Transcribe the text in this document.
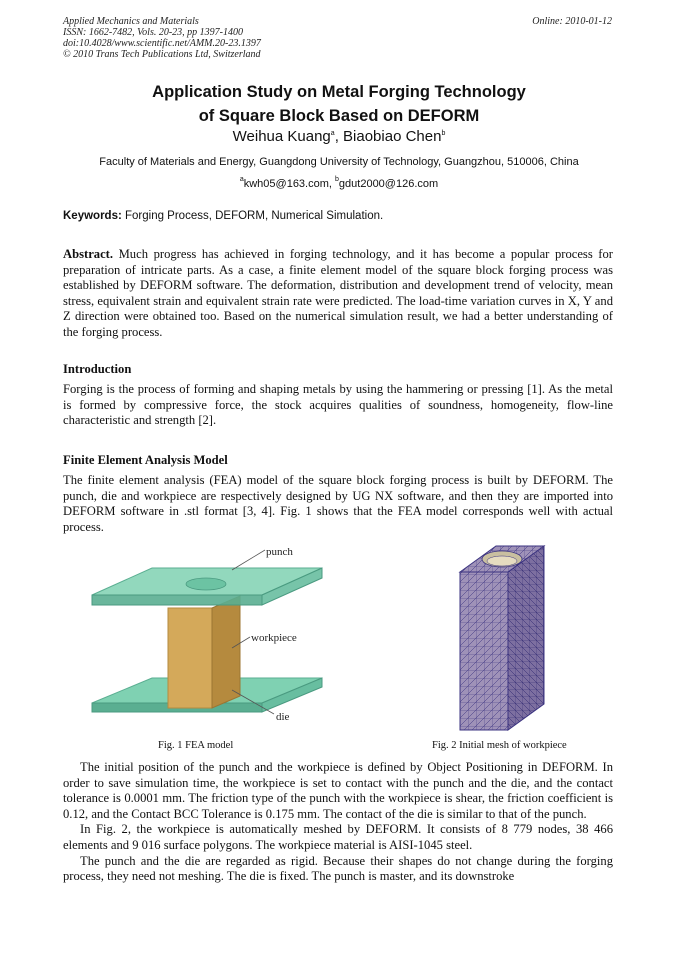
Applied Mechanics and Materials
ISSN: 1662-7482, Vols. 20-23, pp 1397-1400
doi:10.4028/www.scientific.net/AMM.20-23.1397
© 2010 Trans Tech Publications Ltd, Switzerland
Online: 2010-01-12
Application Study on Metal Forging Technology
of Square Block Based on DEFORM
Weihua Kuang$^a$, Biaobiao Chen$^b$
Faculty of Materials and Energy, Guangdong University of Technology, Guangzhou, 510006, China
$^a$kwh05@163.com, $^b$gdut2000@126.com
Keywords: Forging Process, DEFORM, Numerical Simulation.
Abstract. Much progress has achieved in forging technology, and it has become a popular process for preparation of intricate parts. As a case, a finite element model of the square block forging process was established by DEFORM software. The deformation, distribution and development trend of velocity, mean stress, equivalent strain and equivalent strain rate were predicted. The load-time variation curves in X, Y and Z direction were obtained too. Based on the numerical simulation result, we had a better understanding of the forging process.
Introduction
Forging is the process of forming and shaping metals by using the hammering or pressing [1]. As the metal is formed by compressive force, the stock acquires qualities of soundness, homogeneity, flow-line characteristic and strength [2].
Finite Element Analysis Model
The finite element analysis (FEA) model of the square block forging process is built by DEFORM. The punch, die and workpiece are respectively designed by UG NX software, and then they are imported into DEFORM software in .stl format [3, 4]. Fig. 1 shows that the FEA model corresponds well with actual process.
punch
workpiece
die
Fig. 1 FEA model	Fig. 2 Initial mesh of workpiece
The initial position of the punch and the workpiece is defined by Object Positioning in DEFORM. In order to save simulation time, the workpiece is set to contact with the punch and the die, and the contact tolerance is 0.0001 mm. The friction type of the punch with the workpiece is shear, the friction coefficient is 0.12, and the Contact BCC Tolerance is 0.175 mm. The contact of the die is similar to that of the punch.
In Fig. 2, the workpiece is automatically meshed by DEFORM. It consists of 8 779 nodes, 38 466 elements and 9 016 surface polygons. The workpiece material is AISI-1045 steel.
The punch and the die are regarded as rigid. Because their shapes do not change during the forging process, they need not meshing. The die is fixed. The punch is master, and its downstroke
